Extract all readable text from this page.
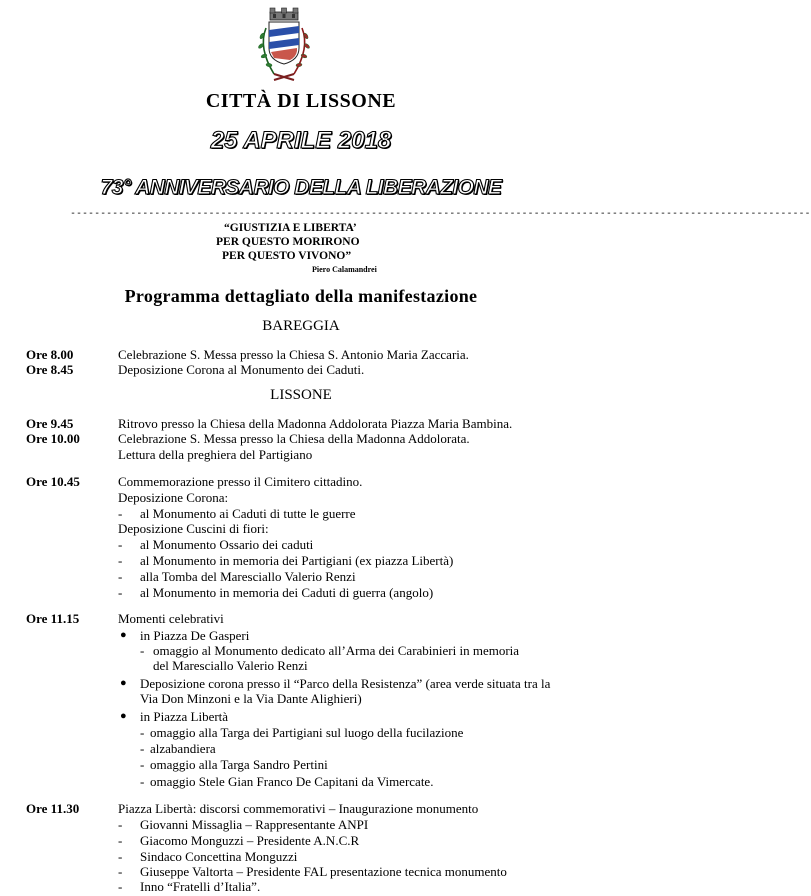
CITTÀ DI LISSONE
25 APRILE 2018
73° ANNIVERSARIO DELLA LIBERAZIONE
---------------------------------------------------------------------------------------------------------------------------
“GIUSTIZIA E LIBERTA’
PER QUESTO MORIRONO
PER QUESTO VIVONO”
Piero Calamandrei
Programma dettagliato della manifestazione
BAREGGIA
Ore 8.00	Celebrazione S. Messa presso la Chiesa S. Antonio Maria Zaccaria.
Ore 8.45	Deposizione Corona al Monumento dei Caduti.
LISSONE
Ore 9.45	Ritrovo presso la Chiesa della Madonna Addolorata Piazza Maria Bambina.
Ore 10.00	Celebrazione S. Messa presso la Chiesa della Madonna Addolorata.
Lettura della preghiera del Partigiano
Ore 10.45	Commemorazione presso il Cimitero cittadino.
Deposizione Corona:
- al Monumento ai Caduti di tutte le guerre
Deposizione Cuscini di fiori:
- al Monumento Ossario dei caduti
- al Monumento in memoria dei Partigiani (ex piazza Libertà)
- alla Tomba del Maresciallo Valerio Renzi
- al Monumento in memoria dei Caduti di guerra (angolo)
Ore 11.15	Momenti celebrativi
● in Piazza De Gasperi
- omaggio al Monumento dedicato all’Arma dei Carabinieri in memoria
del Maresciallo Valerio Renzi
● Deposizione corona presso il “Parco della Resistenza” (area verde situata tra la
Via Don Minzoni e la Via Dante Alighieri)
● in Piazza Libertà
- omaggio alla Targa dei Partigiani sul luogo della fucilazione
- alzabandiera
- omaggio alla Targa Sandro Pertini
- omaggio Stele Gian Franco De Capitani da Vimercate.
Ore 11.30	Piazza Libertà: discorsi commemorativi – Inaugurazione monumento
- Giovanni Missaglia – Rappresentante ANPI
- Giacomo Monguzzi – Presidente A.N.C.R
- Sindaco Concettina Monguzzi
- Giuseppe Valtorta – Presidente FAL presentazione tecnica monumento
- Inno “Fratelli d’Italia”.
